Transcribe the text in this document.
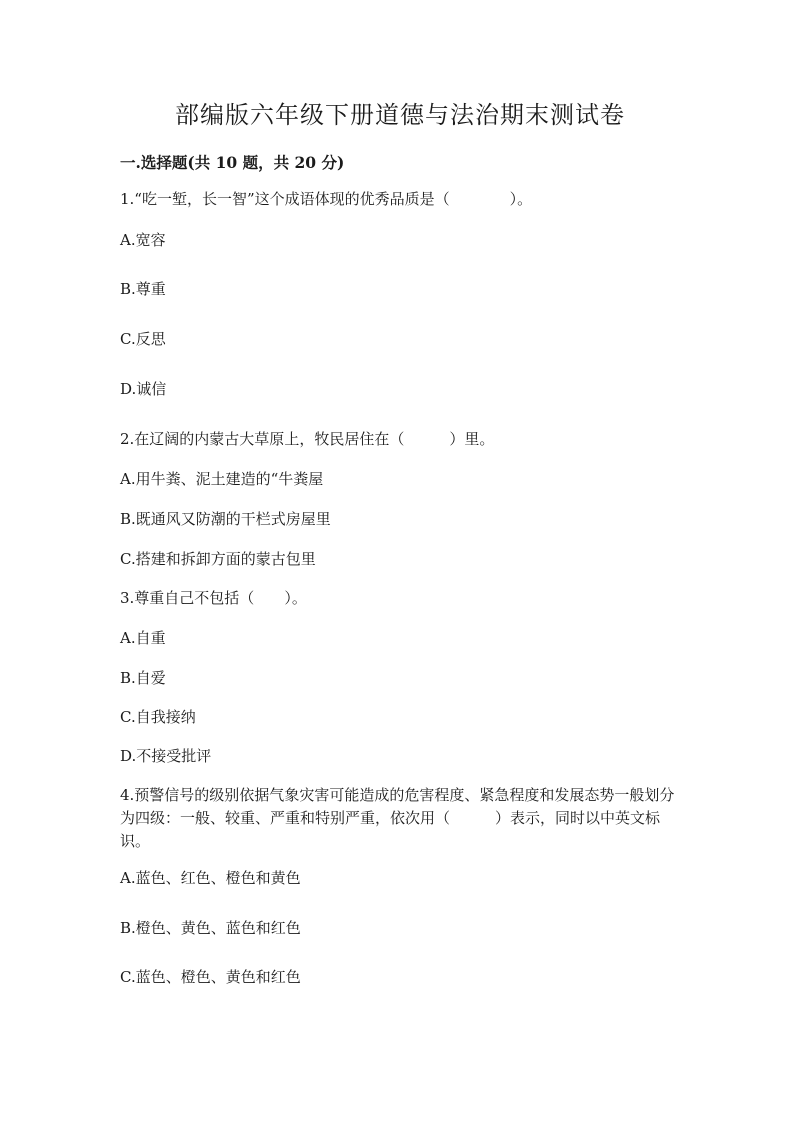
部编版六年级下册道德与法治期末测试卷
一.选择题(共 10 题，共 20 分)
1.“吃一堑，长一智”这个成语体现的优秀品质是（　　　　）。
A.宽容
B.尊重
C.反思
D.诚信
2.在辽阔的内蒙古大草原上，牧民居住在（　　　）里。
A.用牛粪、泥土建造的“牛粪屋
B.既通风又防潮的干栏式房屋里
C.搭建和拆卸方面的蒙古包里
3.尊重自己不包括（　　）。
A.自重
B.自爱
C.自我接纳
D.不接受批评
4.预警信号的级别依据气象灾害可能造成的危害程度、紧急程度和发展态势一般划分为四级：一般、较重、严重和特别严重，依次用（　　　）表示，同时以中英文标识。
A.蓝色、红色、橙色和黄色
B.橙色、黄色、蓝色和红色
C.蓝色、橙色、黄色和红色
